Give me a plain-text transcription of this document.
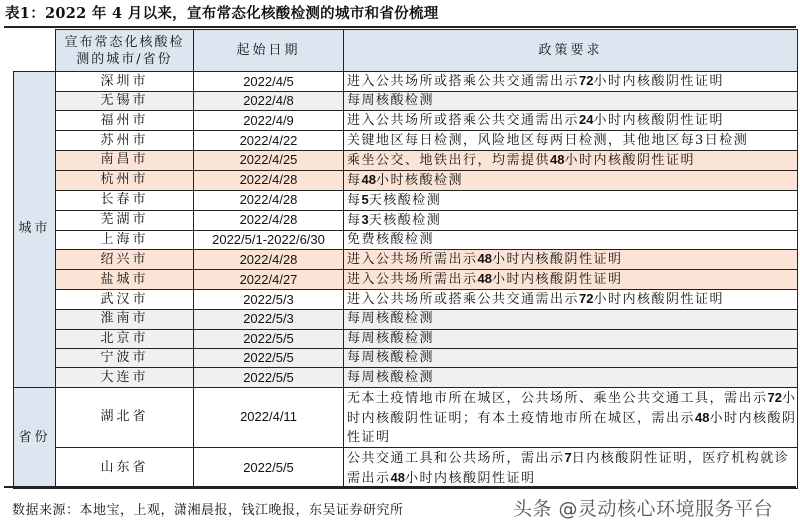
表1：2022 年 4 月以来，宣布常态化核酸检测的城市和省份梳理
	宣布常态化核酸检测的城市/省份	起始日期	政策要求
城市	深圳市	2022/4/5	进入公共场所或搭乘公共交通需出示72小时内核酸阴性证明
	无锡市	2022/4/8	每周核酸检测
	福州市	2022/4/9	进入公共场所或搭乘公共交通需出示24小时内核酸阴性证明
	苏州市	2022/4/22	关键地区每日检测，风险地区每两日检测，其他地区每3日检测
	南昌市	2022/4/25	乘坐公交、地铁出行，均需提供48小时内核酸阴性证明
	杭州市	2022/4/28	每48小时核酸检测
	长春市	2022/4/28	每5天核酸检测
	芜湖市	2022/4/28	每3天核酸检测
	上海市	2022/5/1-2022/6/30	免费核酸检测
	绍兴市	2022/4/28	进入公共场所需出示48小时内核酸阴性证明
	盐城市	2022/4/27	进入公共场所需出示48小时内核酸阴性证明
	武汉市	2022/5/3	进入公共场所或搭乘公共交通需出示72小时内核酸阴性证明
	淮南市	2022/5/3	每周核酸检测
	北京市	2022/5/5	每周核酸检测
	宁波市	2022/5/5	每周核酸检测
	大连市	2022/5/5	每周核酸检测
省份	湖北省	2022/4/11	无本土疫情地市所在城区，公共场所、乘坐公共交通工具，需出示72小时内核酸阴性证明；有本土疫情地市所在城区，需出示48小时内核酸阴性证明
	山东省	2022/5/5	公共交通工具和公共场所，需出示7日内核酸阴性证明，医疗机构就诊需出示48小时内核酸阴性证明
数据来源：本地宝，上观，潇湘晨报，钱江晚报，东吴证券研究所	头条 @灵动核心环境服务平台
